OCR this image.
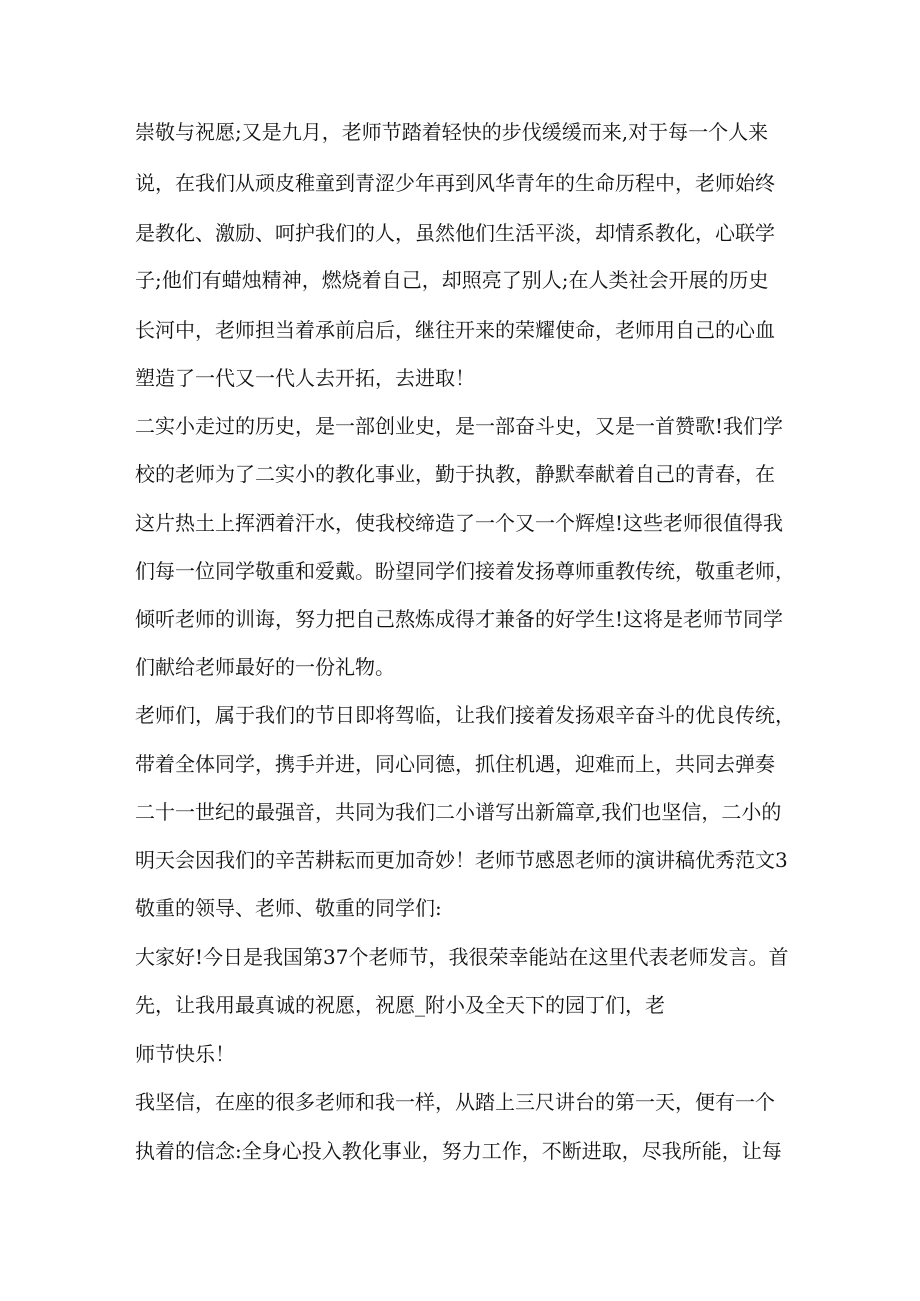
崇敬与祝愿;又是九月，老师节踏着轻快的步伐缓缓而来,对于每一个人来
说，在我们从顽皮稚童到青涩少年再到风华青年的生命历程中，老师始终
是教化、激励、呵护我们的人，虽然他们生活平淡，却情系教化，心联学
子;他们有蜡烛精神，燃烧着自己，却照亮了别人;在人类社会开展的历史
长河中，老师担当着承前启后，继往开来的荣耀使命，老师用自己的心血
塑造了一代又一代人去开拓，去进取！
二实小走过的历史，是一部创业史，是一部奋斗史，又是一首赞歌!我们学
校的老师为了二实小的教化事业，勤于执教，静默奉献着自己的青春，在
这片热土上挥洒着汗水，使我校缔造了一个又一个辉煌!这些老师很值得我
们每一位同学敬重和爱戴。盼望同学们接着发扬尊师重教传统，敬重老师，
倾听老师的训诲，努力把自己熬炼成得才兼备的好学生!这将是老师节同学
们献给老师最好的一份礼物。
老师们，属于我们的节日即将驾临，让我们接着发扬艰辛奋斗的优良传统，
带着全体同学，携手并进，同心同德，抓住机遇，迎难而上，共同去弹奏
二十一世纪的最强音，共同为我们二小谱写出新篇章,我们也坚信，二小的
明天会因我们的辛苦耕耘而更加奇妙！老师节感恩老师的演讲稿优秀范文3
敬重的领导、老师、敬重的同学们:
大家好!今日是我国第37个老师节，我很荣幸能站在这里代表老师发言。首
先，让我用最真诚的祝愿，祝愿_附小及全天下的园丁们，老
师节快乐！
我坚信，在座的很多老师和我一样，从踏上三尺讲台的第一天，便有一个
执着的信念:全身心投入教化事业，努力工作，不断进取，尽我所能，让每
